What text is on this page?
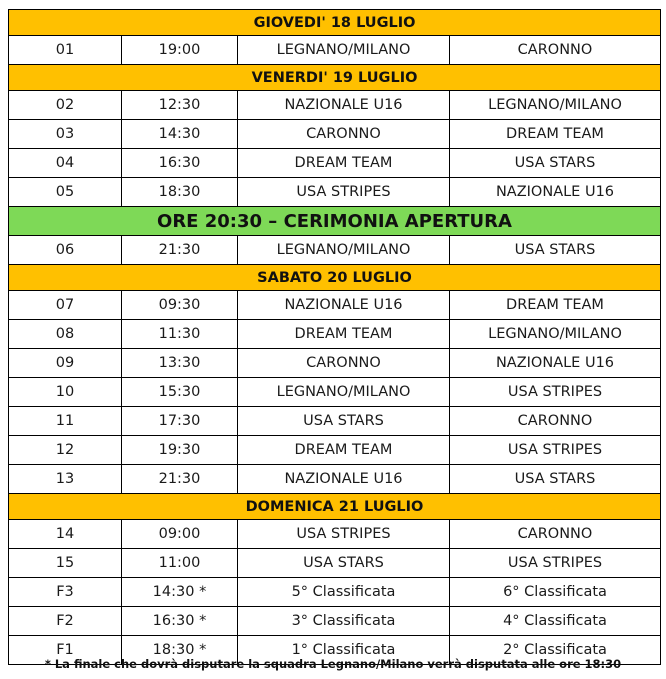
GIOVEDI' 18 LUGLIO			
01	19:00	LEGNANO/MILANO	CARONNO
VENERDI' 19 LUGLIO			
02	12:30	NAZIONALE U16	LEGNANO/MILANO
03	14:30	CARONNO	DREAM TEAM
04	16:30	DREAM TEAM	USA STARS
05	18:30	USA STRIPES	NAZIONALE U16
ORE 20:30 – CERIMONIA APERTURA			
06	21:30	LEGNANO/MILANO	USA STARS
SABATO 20 LUGLIO			
07	09:30	NAZIONALE U16	DREAM TEAM
08	11:30	DREAM TEAM	LEGNANO/MILANO
09	13:30	CARONNO	NAZIONALE U16
10	15:30	LEGNANO/MILANO	USA STRIPES
11	17:30	USA STARS	CARONNO
12	19:30	DREAM TEAM	USA STRIPES
13	21:30	NAZIONALE U16	USA STARS
DOMENICA 21 LUGLIO			
14	09:00	USA STRIPES	CARONNO
15	11:00	USA STARS	USA STRIPES
F3	14:30 *	5° Classificata	6° Classificata
F2	16:30 *	3° Classificata	4° Classificata
F1	18:30 *	1° Classificata	2° Classificata
* La finale che dovrà disputare la squadra Legnano/Milano verrà disputata alle ore 18:30
